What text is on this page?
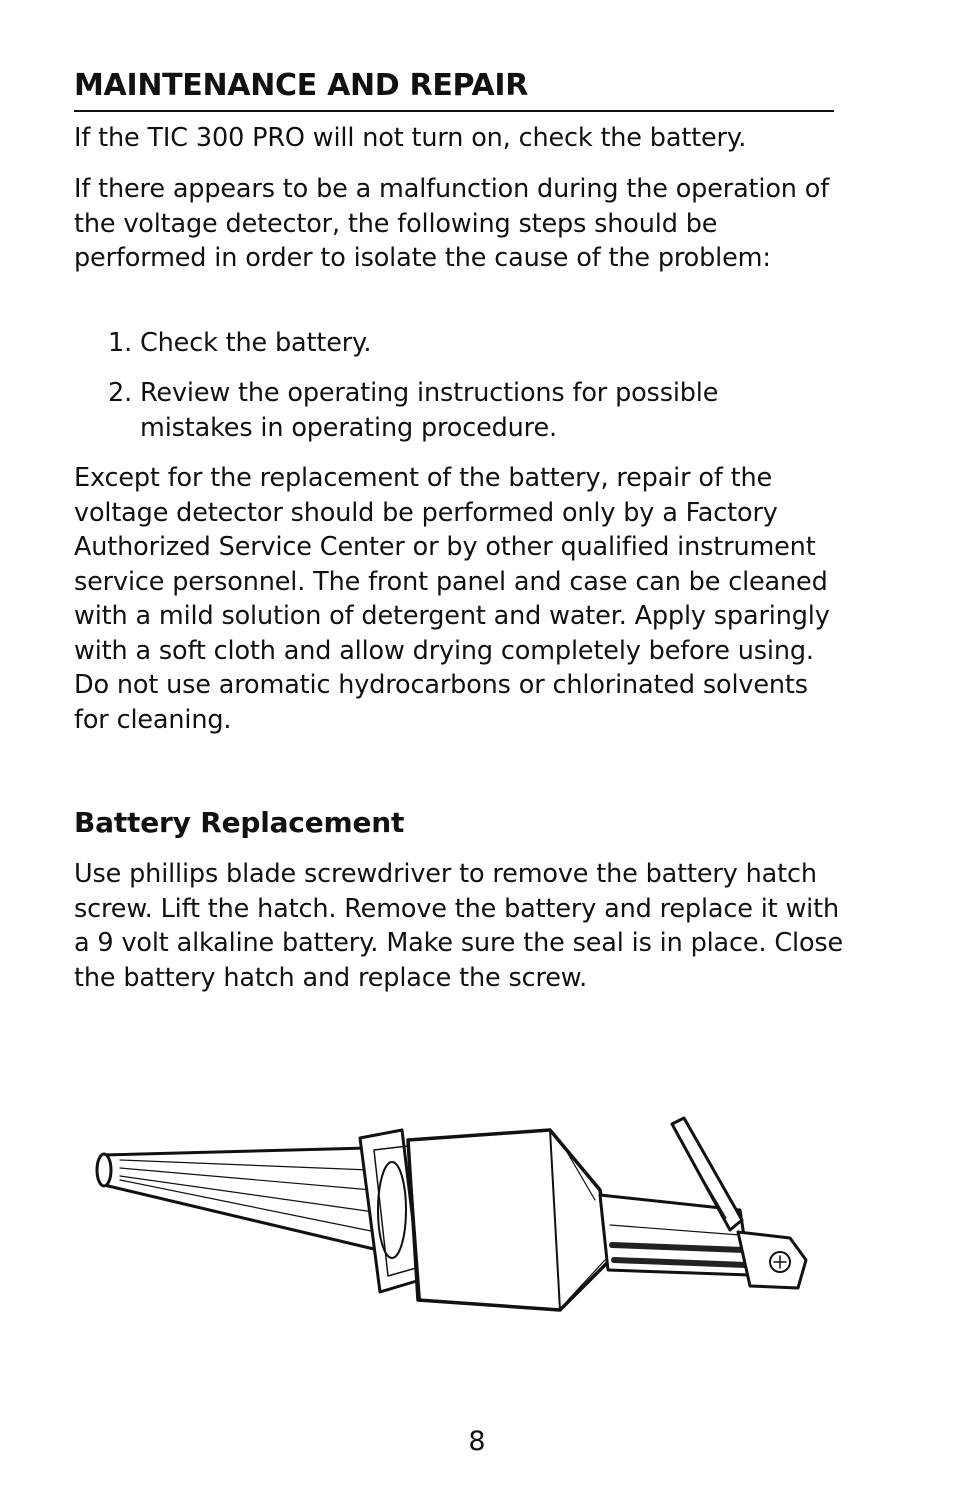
MAINTENANCE AND REPAIR

If the TIC 300 PRO will not turn on, check the battery.

If there appears to be a malfunction during the operation of the voltage detector, the following steps should be performed in order to isolate the cause of the problem:

1. Check the battery.
2. Review the operating instructions for possible mistakes in operating procedure.

Except for the replacement of the battery, repair of the voltage detector should be performed only by a Factory Authorized Service Center or by other qualified instrument service personnel. The front panel and case can be cleaned with a mild solution of detergent and water. Apply sparingly with a soft cloth and allow drying completely before using. Do not use aromatic hydrocarbons or chlorinated solvents for cleaning.

Battery Replacement

Use phillips blade screwdriver to remove the battery hatch screw. Lift the hatch. Remove the battery and replace it with a 9 volt alkaline battery. Make sure the seal is in place. Close the battery hatch and replace the screw.

8
